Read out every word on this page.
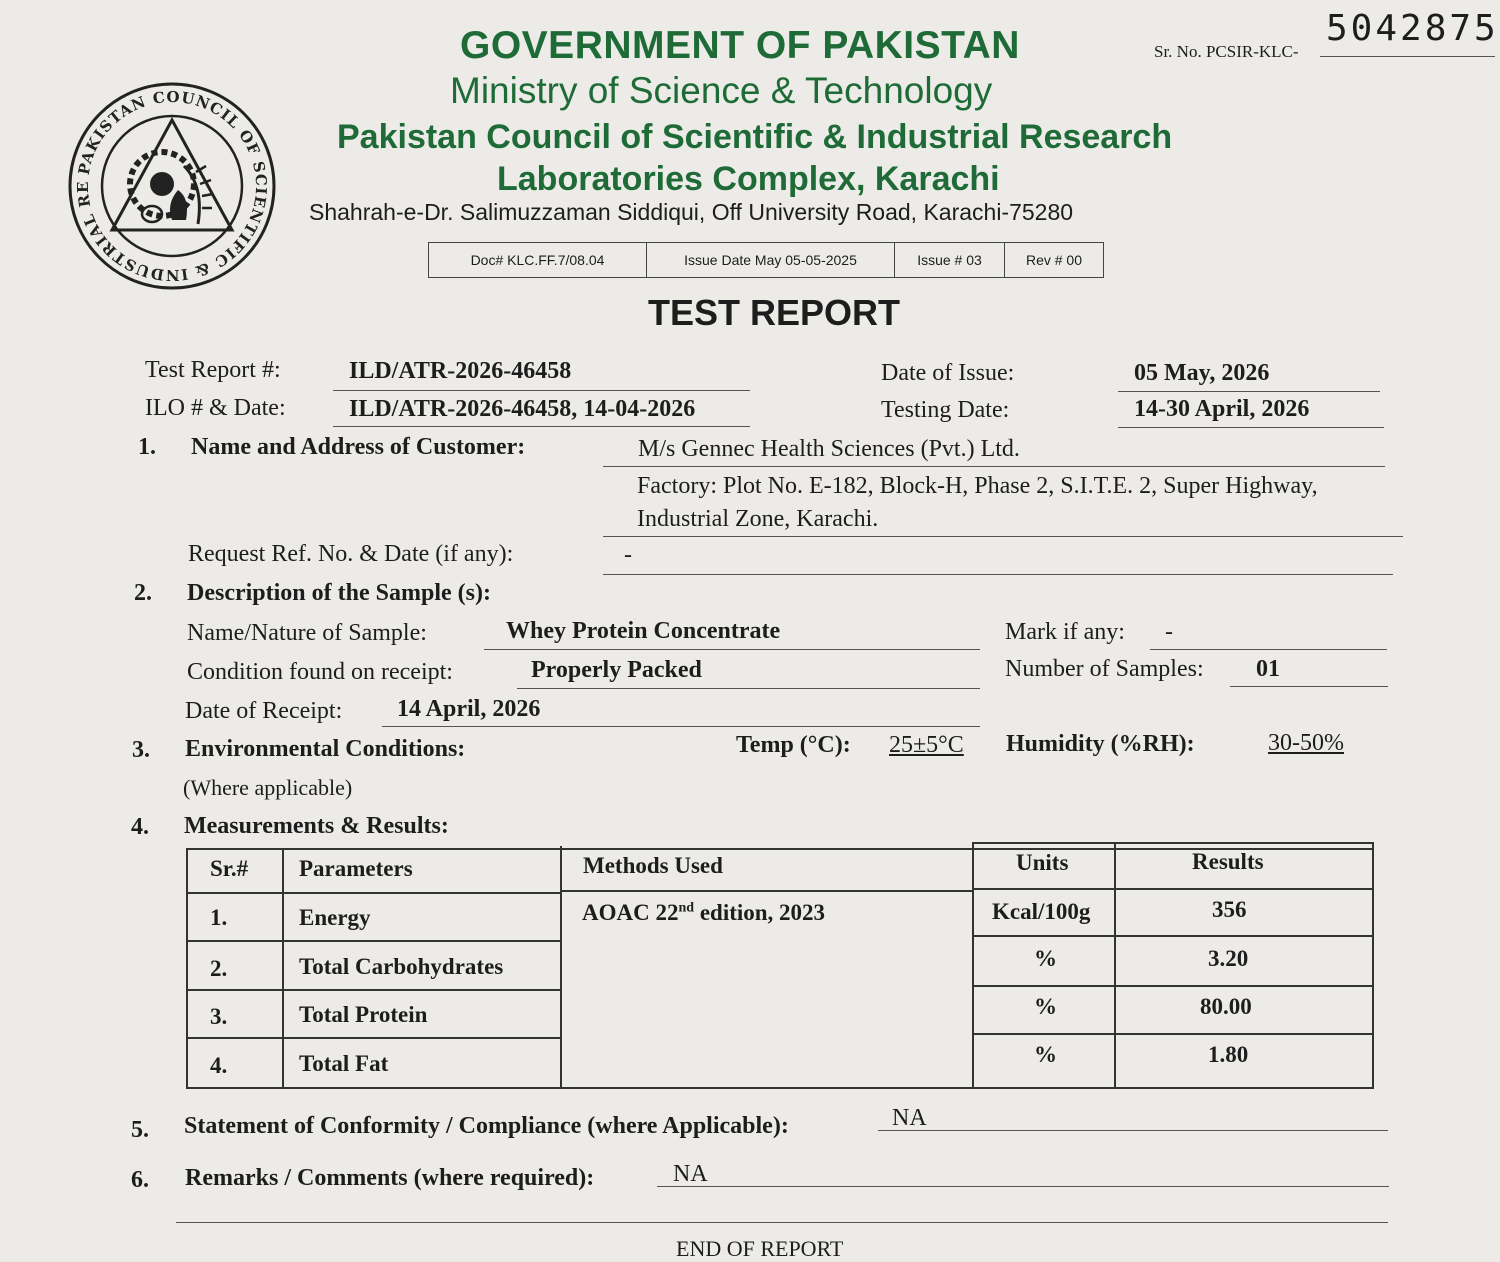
Sr. No. PCSIR-KLC-
5042875
PAKISTAN COUNCIL OF SCIENTIFIC & INDUSTRIAL RE
GOVERNMENT OF PAKISTAN
Ministry of Science & Technology
Pakistan Council of Scientific & Industrial Research
Laboratories Complex, Karachi
Shahrah-e-Dr. Salimuzzaman Siddiqui, Off University Road, Karachi-75280
Doc# KLC.FF.7/08.04	Issue Date May 05-05-2025	Issue # 03	Rev # 00
TEST REPORT
Test Report #:	ILD/ATR-2026-46458
ILO # & Date:	ILD/ATR-2026-46458, 14-04-2026
Date of Issue:	05 May, 2026
Testing Date:	14-30 April, 2026
1. Name and Address of Customer:	M/s Gennec Health Sciences (Pvt.) Ltd.
Factory: Plot No. E-182, Block-H, Phase 2, S.I.T.E. 2, Super Highway,
Industrial Zone, Karachi.
Request Ref. No. & Date (if any):	-
2. Description of the Sample (s):
Name/Nature of Sample:	Whey Protein Concentrate	Mark if any: -
Condition found on receipt:	Properly Packed	Number of Samples: 01
Date of Receipt: 14 April, 2026
3. Environmental Conditions:
(Where applicable)
Temp (°C): 25±5°C Humidity (%RH):	30-50%
4. Measurements & Results:
Sr.# Parameters	Methods Used	Units	Results
AOAC 22nd edition, 2023
1.	Energy	Kcal/100g	356
2.	Total Carbohydrates	%	3.20
3.	Total Protein	%	80.00
4.	Total Fat	%	1.80
5. Statement of Conformity / Compliance (where Applicable):	NA
6. Remarks / Comments (where required):	NA
END OF REPORT
